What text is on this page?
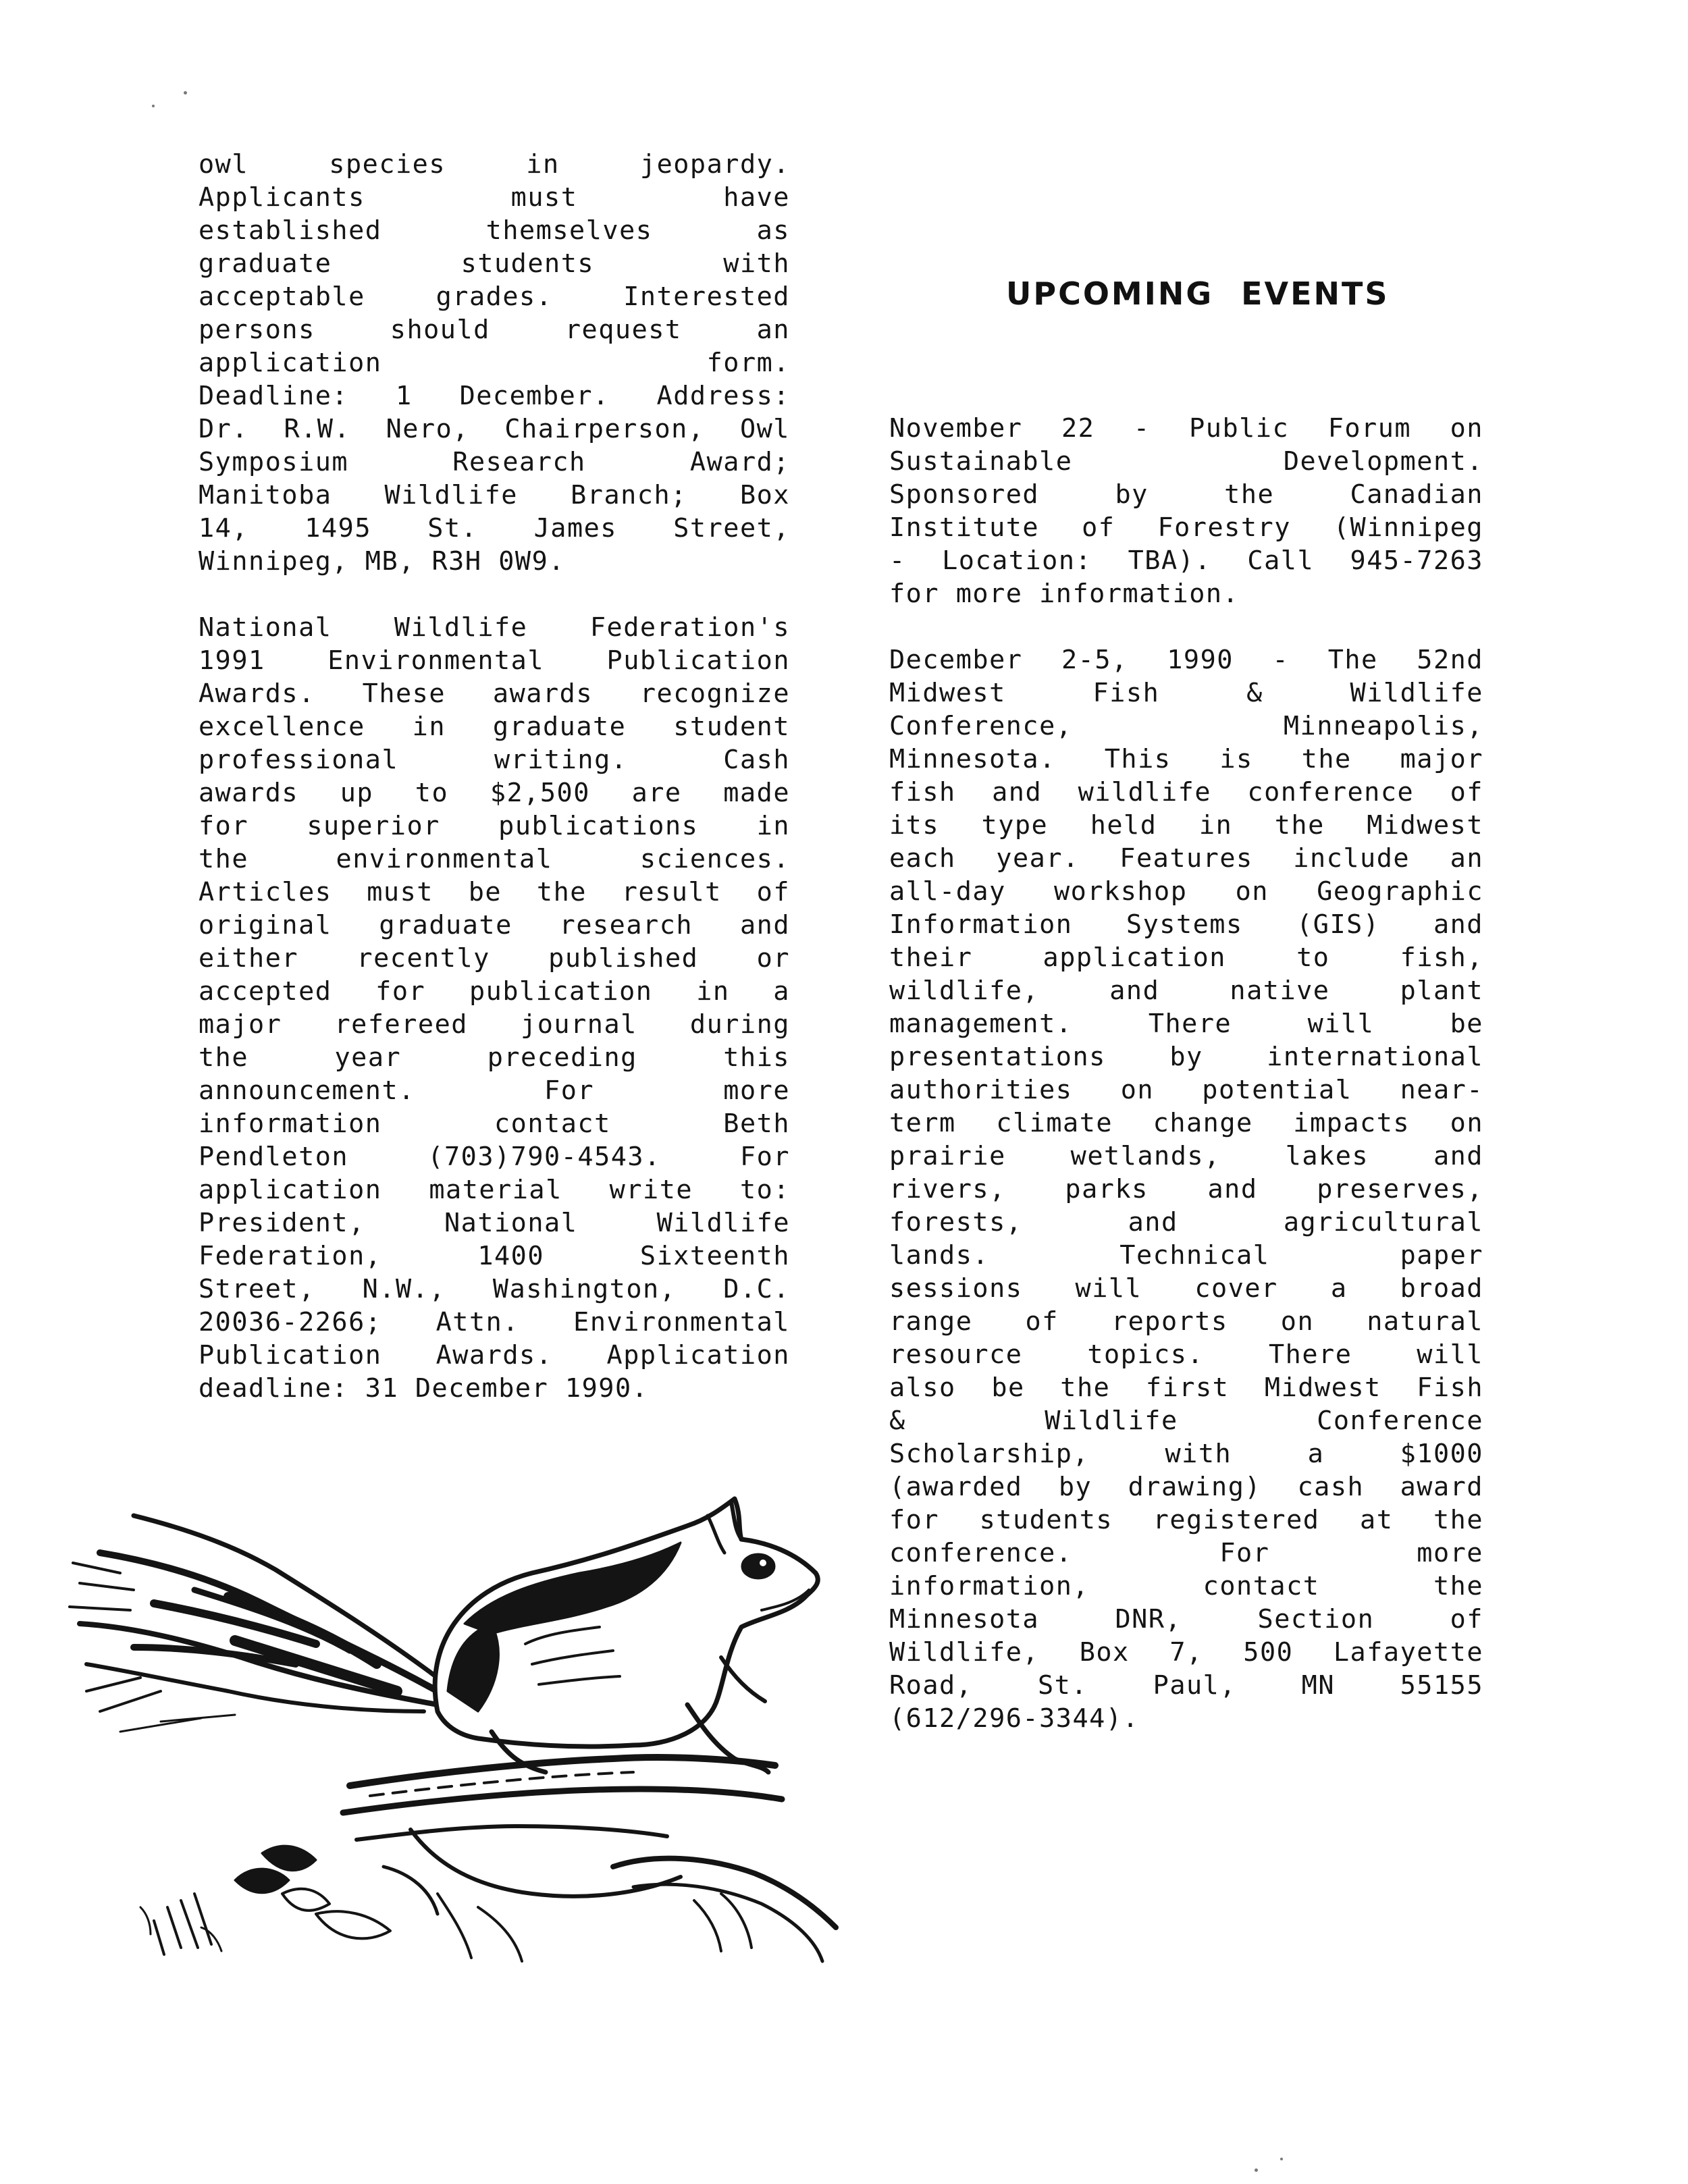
owl species in jeopardy.
Applicants must have
established themselves as
graduate students with
acceptable grades. Interested
persons should request an
application form.
Deadline: 1 December. Address:
Dr. R.W. Nero, Chairperson, Owl
Symposium Research Award;
Manitoba Wildlife Branch; Box
14, 1495 St. James Street,
Winnipeg, MB, R3H 0W9.
National Wildlife Federation's
1991 Environmental Publication
Awards. These awards recognize
excellence in graduate student
professional writing. Cash
awards up to $2,500 are made
for superior publications in
the environmental sciences.
Articles must be the result of
original graduate research and
either recently published or
accepted for publication in a
major refereed journal during
the year preceding this
announcement. For more
information contact Beth
Pendleton (703)790-4543. For
application material write to:
President, National Wildlife
Federation, 1400 Sixteenth
Street, N.W., Washington, D.C.
20036-2266; Attn. Environmental
Publication Awards. Application
deadline: 31 December 1990.
UPCOMING EVENTS
November 22 - Public Forum on
Sustainable Development.
Sponsored by the Canadian
Institute of Forestry (Winnipeg
- Location: TBA). Call 945-7263
for more information.
December 2-5, 1990 - The 52nd
Midwest Fish & Wildlife
Conference, Minneapolis,
Minnesota. This is the major
fish and wildlife conference of
its type held in the Midwest
each year. Features include an
all-day workshop on Geographic
Information Systems (GIS) and
their application to fish,
wildlife, and native plant
management. There will be
presentations by international
authorities on potential near-
term climate change impacts on
prairie wetlands, lakes and
rivers, parks and preserves,
forests, and agricultural
lands. Technical paper
sessions will cover a broad
range of reports on natural
resource topics. There will
also be the first Midwest Fish
& Wildlife Conference
Scholarship, with a $1000
(awarded by drawing) cash award
for students registered at the
conference. For more
information, contact the
Minnesota DNR, Section of
Wildlife, Box 7, 500 Lafayette
Road, St. Paul, MN 55155
(612/296-3344).
